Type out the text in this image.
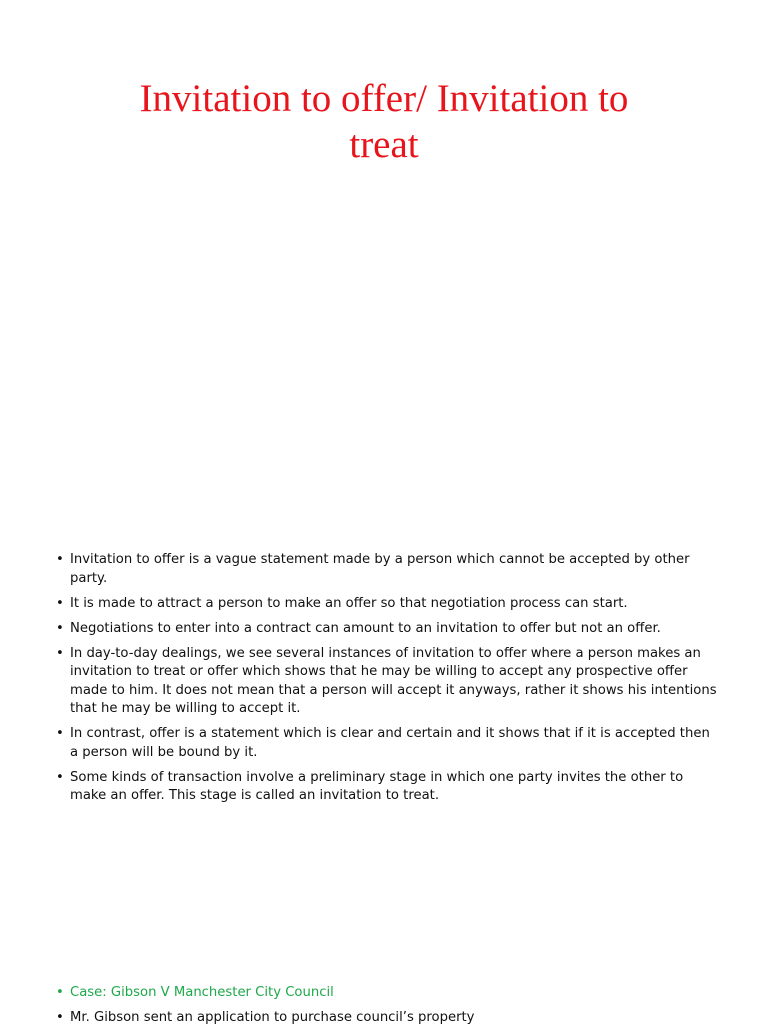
Invitation to offer/ Invitation to
treat
• Invitation to offer is a vague statement made by a person which cannot be accepted by other party.
• It is made to attract a person to make an offer so that negotiation process can start.
• Negotiations to enter into a contract can amount to an invitation to offer but not an offer.
• In day-to-day dealings, we see several instances of invitation to offer where a person makes an invitation to treat or offer which shows that he may be willing to accept any prospective offer made to him. It does not mean that a person will accept it anyways, rather it shows his intentions that he may be willing to accept it.
• In contrast, offer is a statement which is clear and certain and it shows that if it is accepted then a person will be bound by it.
• Some kinds of transaction involve a preliminary stage in which one party invites the other to make an offer. This stage is called an invitation to treat.
• Case: Gibson V Manchester City Council
• Mr. Gibson sent an application to purchase council’s property
